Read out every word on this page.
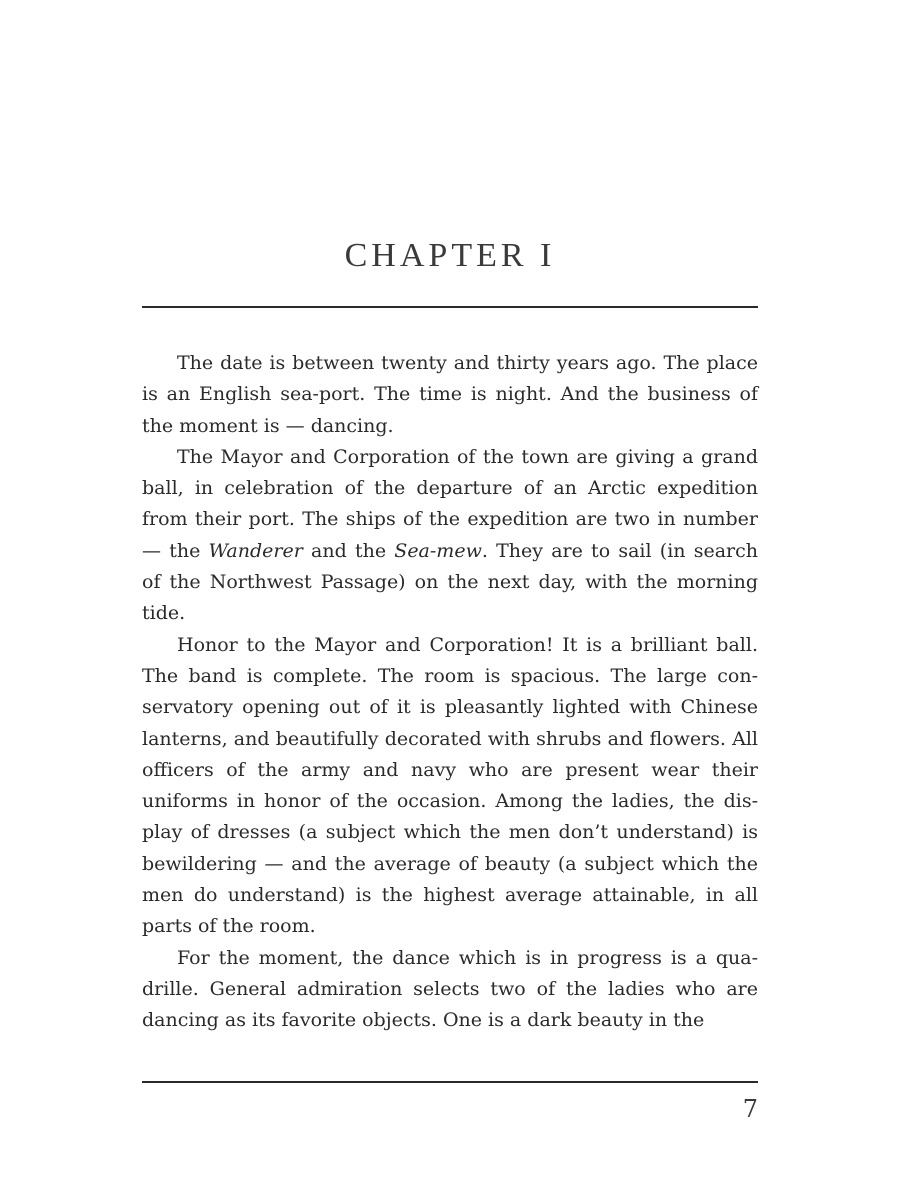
CHAPTER I

The date is between twenty and thirty years ago. The place is an English sea-port. The time is night. And the business of the moment is — dancing.

The Mayor and Corporation of the town are giving a grand ball, in celebration of the departure of an Arctic expedition from their port. The ships of the expedition are two in number — the Wanderer and the Sea-mew. They are to sail (in search of the Northwest Passage) on the next day, with the morning tide.

Honor to the Mayor and Corporation! It is a brilliant ball. The band is complete. The room is spacious. The large conservatory opening out of it is pleasantly lighted with Chinese lanterns, and beautifully decorated with shrubs and flowers. All officers of the army and navy who are present wear their uniforms in honor of the occasion. Among the ladies, the display of dresses (a subject which the men don’t understand) is bewildering — and the average of beauty (a subject which the men do understand) is the highest average attainable, in all parts of the room.

For the moment, the dance which is in progress is a quadrille. General admiration selects two of the ladies who are dancing as its favorite objects. One is a dark beauty in the

7
